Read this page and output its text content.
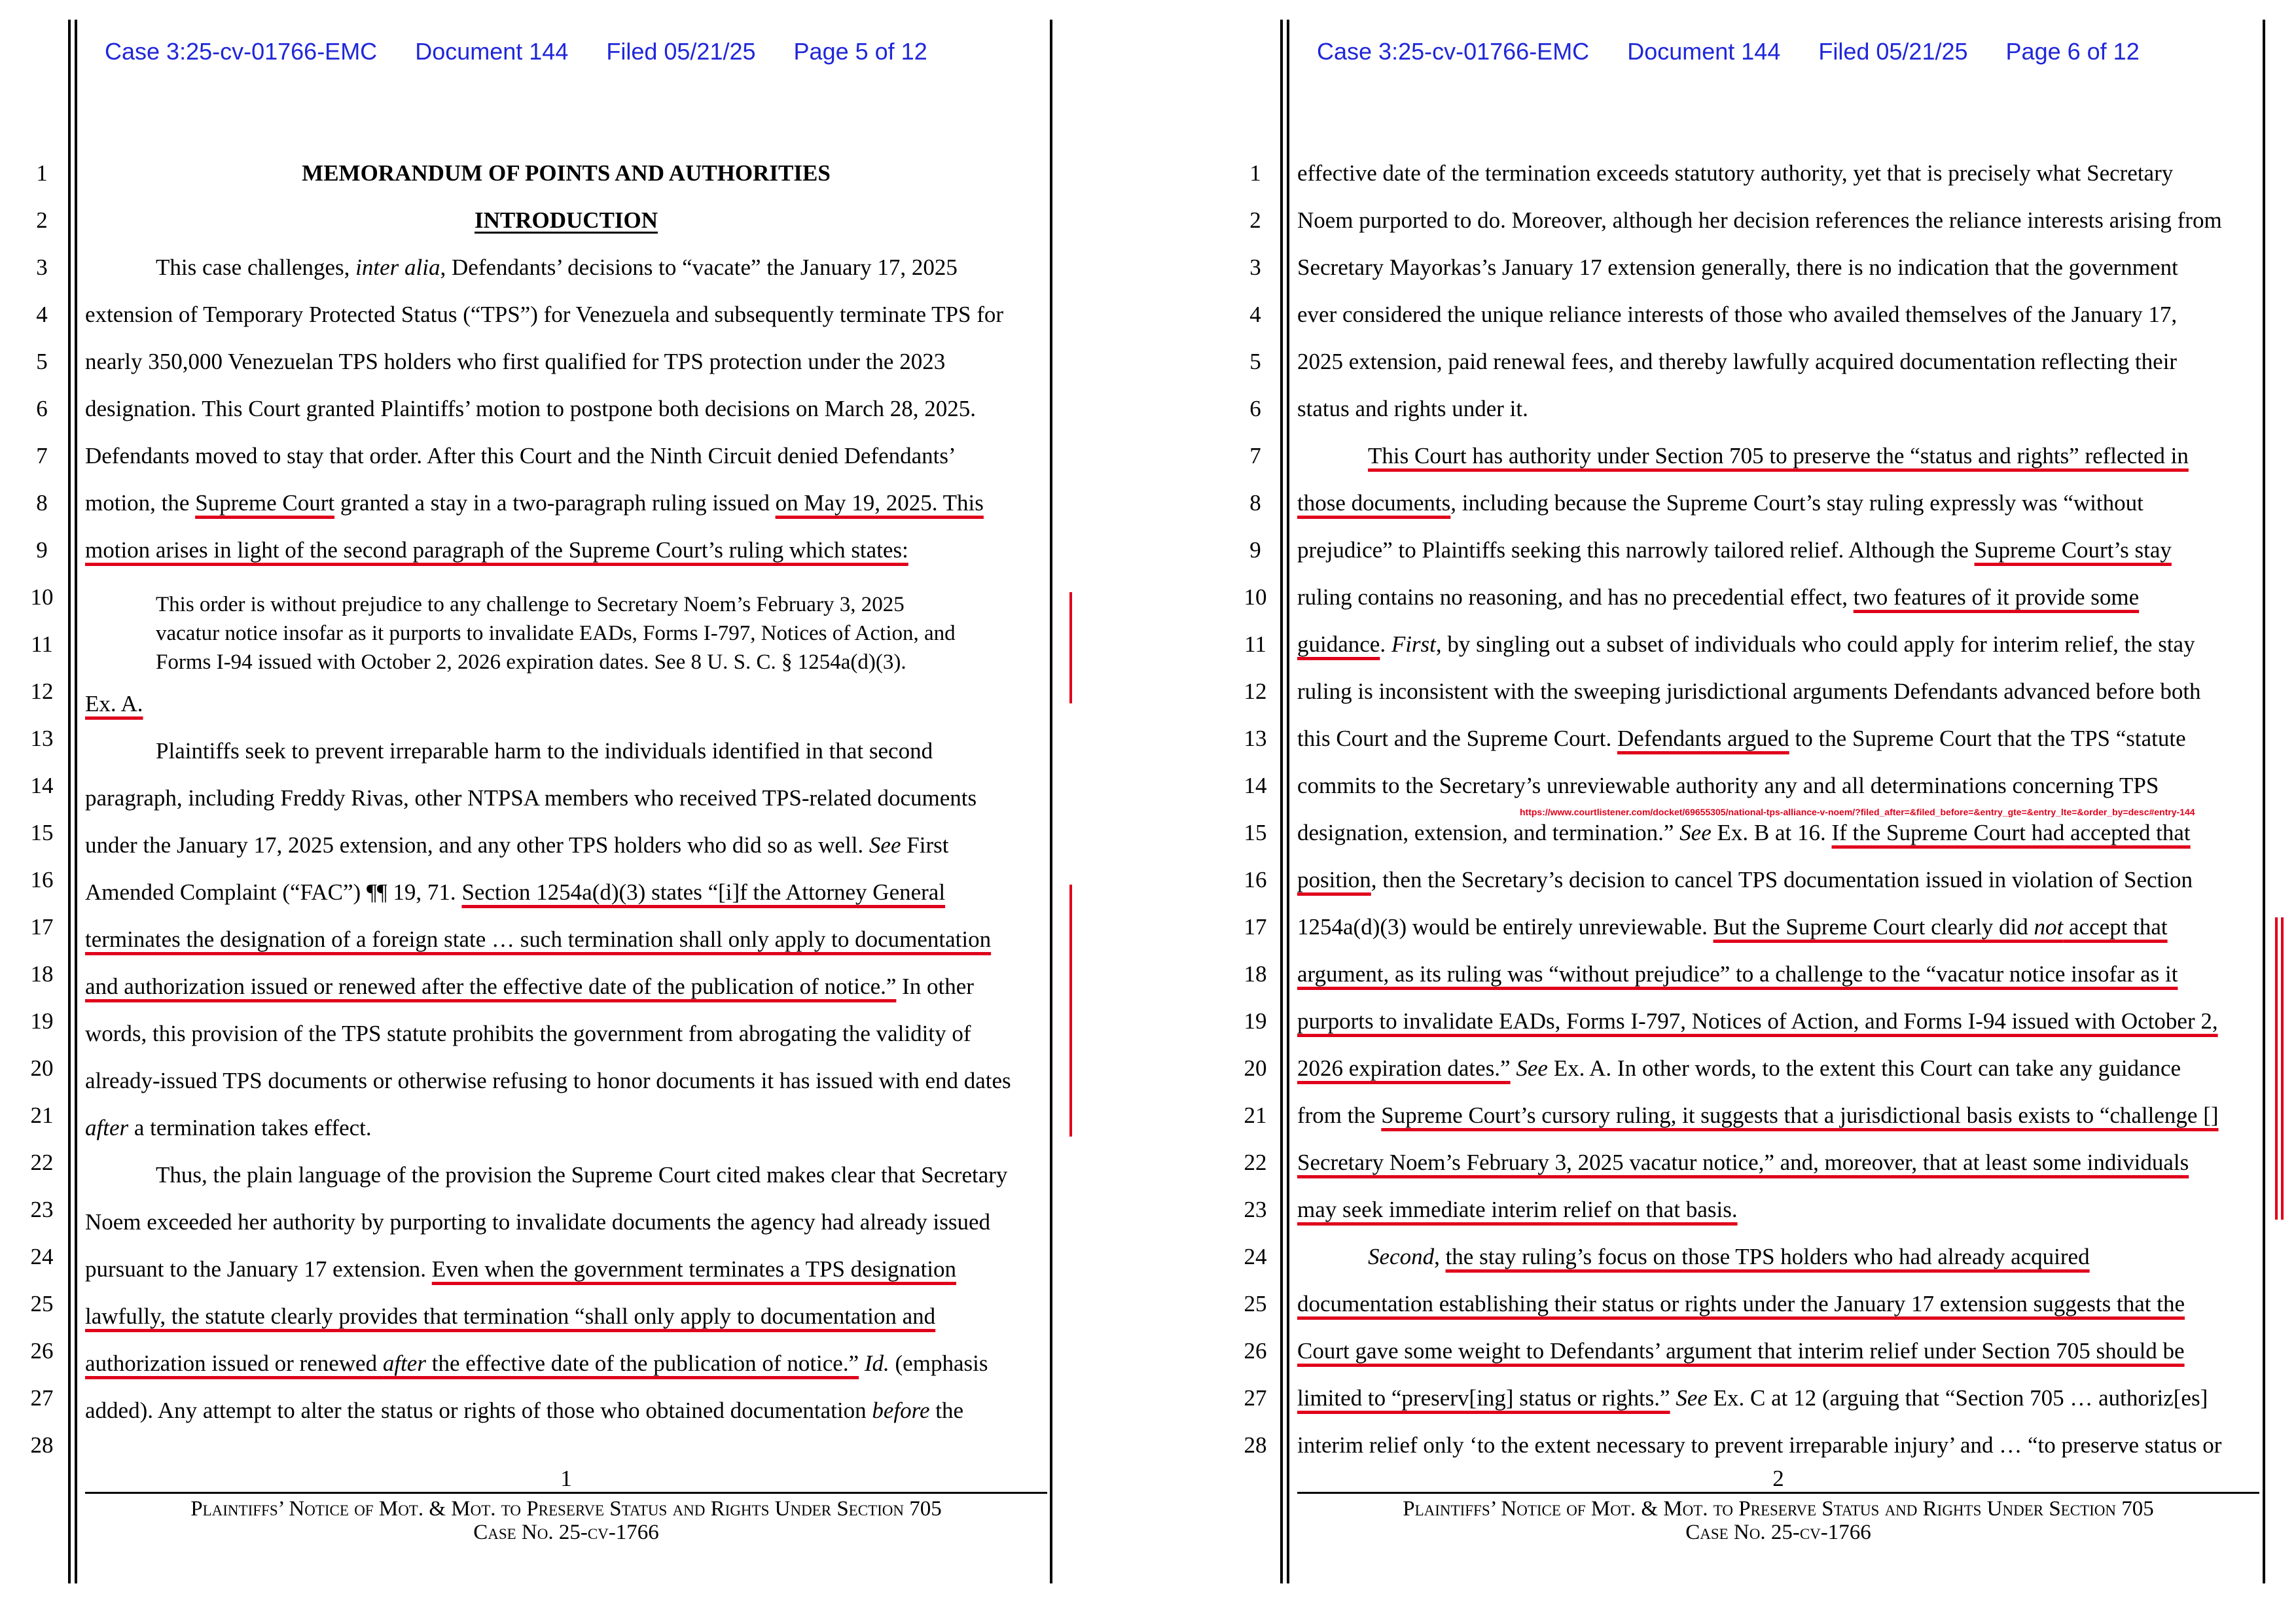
Case 3:25-cv-01766-EMC Document 144 Filed 05/21/25 Page 5 of 12
1
2
3
4
5
6
7
8
9
10
11
12
13
14
15
16
17
18
19
20
21
22
23
24
25
26
27
28
MEMORANDUM OF POINTS AND AUTHORITIES
INTRODUCTION
This case challenges, inter alia, Defendants’ decisions to “vacate” the January 17, 2025
extension of Temporary Protected Status (“TPS”) for Venezuela and subsequently terminate TPS for
nearly 350,000 Venezuelan TPS holders who first qualified for TPS protection under the 2023
designation. This Court granted Plaintiffs’ motion to postpone both decisions on March 28, 2025.
Defendants moved to stay that order. After this Court and the Ninth Circuit denied Defendants’
motion, the Supreme Court granted a stay in a two-paragraph ruling issued on May 19, 2025. This
motion arises in light of the second paragraph of the Supreme Court’s ruling which states:
This order is without prejudice to any challenge to Secretary Noem’s February 3, 2025
vacatur notice insofar as it purports to invalidate EADs, Forms I-797, Notices of Action, and
Forms I-94 issued with October 2, 2026 expiration dates. See 8 U. S. C. § 1254a(d)(3).
Ex. A.
Plaintiffs seek to prevent irreparable harm to the individuals identified in that second
paragraph, including Freddy Rivas, other NTPSA members who received TPS-related documents
under the January 17, 2025 extension, and any other TPS holders who did so as well. See First
Amended Complaint (“FAC”) ¶¶ 19, 71. Section 1254a(d)(3) states “[i]f the Attorney General
terminates the designation of a foreign state … such termination shall only apply to documentation
and authorization issued or renewed after the effective date of the publication of notice.” In other
words, this provision of the TPS statute prohibits the government from abrogating the validity of
already-issued TPS documents or otherwise refusing to honor documents it has issued with end dates
after a termination takes effect.
Thus, the plain language of the provision the Supreme Court cited makes clear that Secretary
Noem exceeded her authority by purporting to invalidate documents the agency had already issued
pursuant to the January 17 extension. Even when the government terminates a TPS designation
lawfully, the statute clearly provides that termination “shall only apply to documentation and
authorization issued or renewed after the effective date of the publication of notice.” Id. (emphasis
added). Any attempt to alter the status or rights of those who obtained documentation before the
1
Plaintiffs’ Notice of Mot. & Mot. to Preserve Status and Rights Under Section 705
Case No. 25-cv-1766
Case 3:25-cv-01766-EMC Document 144 Filed 05/21/25 Page 6 of 12
1
2
3
4
5
6
7
8
9
10
11
12
13
14
15
16
17
18
19
20
21
22
23
24
25
26
27
28
effective date of the termination exceeds statutory authority, yet that is precisely what Secretary
Noem purported to do. Moreover, although her decision references the reliance interests arising from
Secretary Mayorkas’s January 17 extension generally, there is no indication that the government
ever considered the unique reliance interests of those who availed themselves of the January 17,
2025 extension, paid renewal fees, and thereby lawfully acquired documentation reflecting their
status and rights under it.
This Court has authority under Section 705 to preserve the “status and rights” reflected in
those documents, including because the Supreme Court’s stay ruling expressly was “without
prejudice” to Plaintiffs seeking this narrowly tailored relief. Although the Supreme Court’s stay
ruling contains no reasoning, and has no precedential effect, two features of it provide some
guidance. First, by singling out a subset of individuals who could apply for interim relief, the stay
ruling is inconsistent with the sweeping jurisdictional arguments Defendants advanced before both
this Court and the Supreme Court. Defendants argued to the Supreme Court that the TPS “statute
commits to the Secretary’s unreviewable authority any and all determinations concerning TPS
designation, extension, and termination.” See Ex. B at 16. If the Supreme Court had accepted that
position, then the Secretary’s decision to cancel TPS documentation issued in violation of Section
1254a(d)(3) would be entirely unreviewable. But the Supreme Court clearly did not accept that
argument, as its ruling was “without prejudice” to a challenge to the “vacatur notice insofar as it
purports to invalidate EADs, Forms I-797, Notices of Action, and Forms I-94 issued with October 2,
2026 expiration dates.” See Ex. A. In other words, to the extent this Court can take any guidance
from the Supreme Court’s cursory ruling, it suggests that a jurisdictional basis exists to “challenge []
Secretary Noem’s February 3, 2025 vacatur notice,” and, moreover, that at least some individuals
may seek immediate interim relief on that basis.
Second, the stay ruling’s focus on those TPS holders who had already acquired
documentation establishing their status or rights under the January 17 extension suggests that the
Court gave some weight to Defendants’ argument that interim relief under Section 705 should be
limited to “preserv[ing] status or rights.” See Ex. C at 12 (arguing that “Section 705 … authoriz[es]
interim relief only ‘to the extent necessary to prevent irreparable injury’ and … “to preserve status or
https://www.courtlistener.com/docket/69655305/national-tps-alliance-v-noem/?filed_after=&filed_before=&entry_gte=&entry_lte=&order_by=desc#entry-144
2
Plaintiffs’ Notice of Mot. & Mot. to Preserve Status and Rights Under Section 705
Case No. 25-cv-1766
